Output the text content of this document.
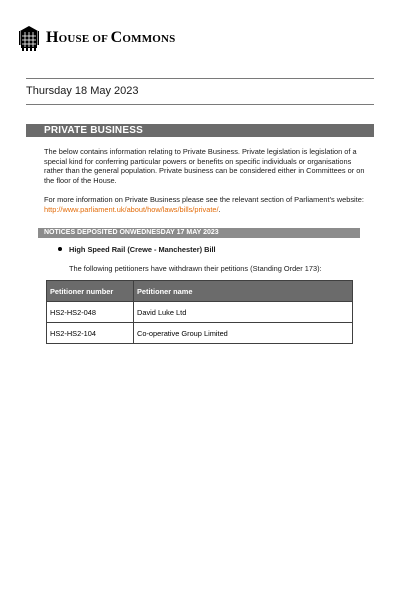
HOUSE OF COMMONS
Thursday 18 May 2023
PRIVATE BUSINESS
The below contains information relating to Private Business. Private legislation is legislation of a special kind for conferring particular powers or benefits on specific individuals or organisations rather than the general population. Private business can be considered either in Committees or on the floor of the House.
For more information on Private Business please see the relevant section of Parliament’s website: http://www.parliament.uk/about/how/laws/bills/private/.
NOTICES DEPOSITED ONWEDNESDAY 17 MAY 2023
High Speed Rail (Crewe - Manchester) Bill
The following petitioners have withdrawn their petitions (Standing Order 173):
Petitioner number	Petitioner name
HS2-HS2-048	David Luke Ltd
HS2-HS2-104	Co-operative Group Limited
